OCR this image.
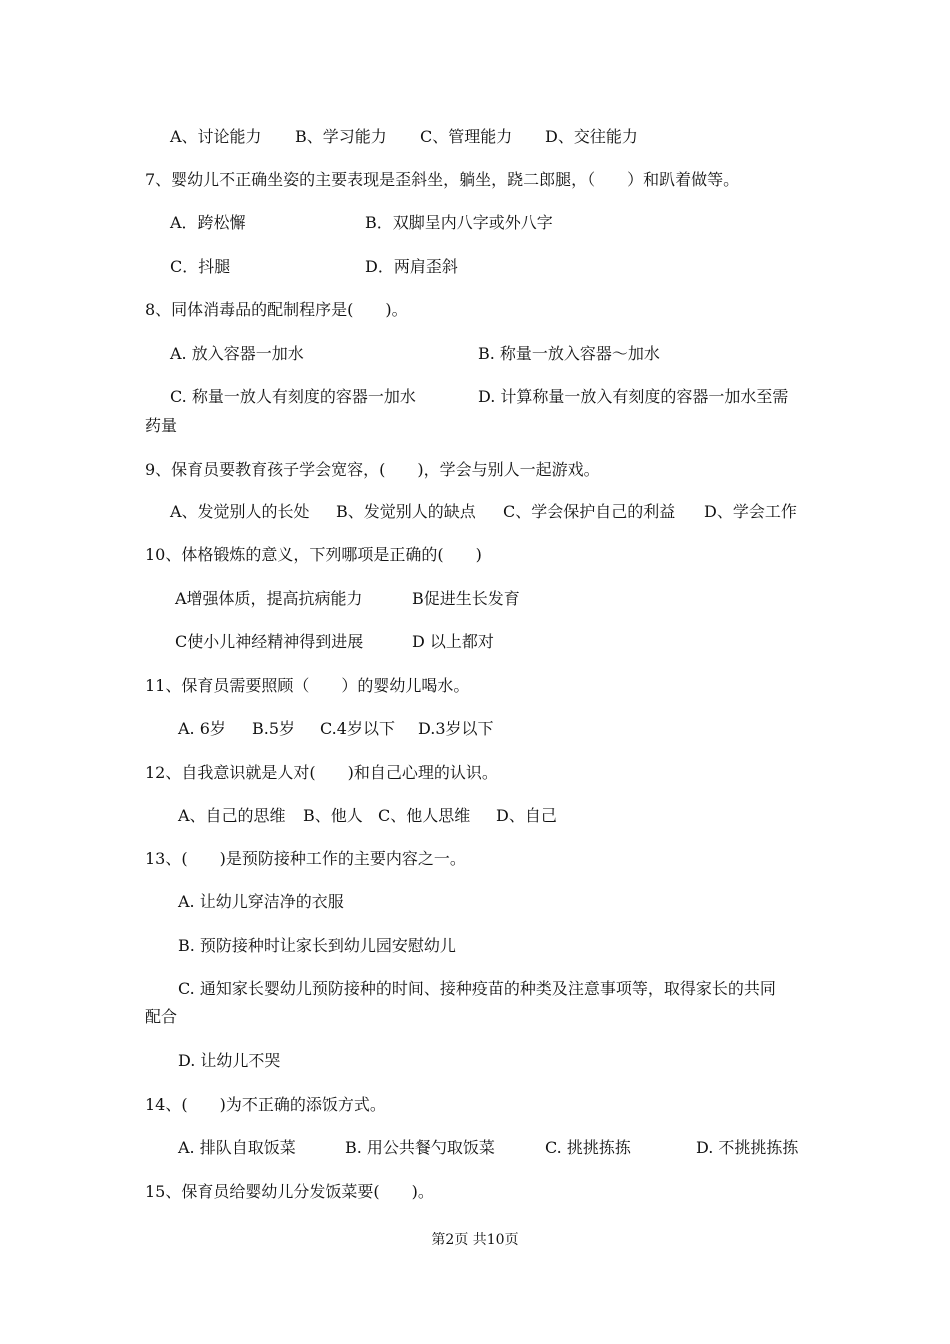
A、讨论能力 B、学习能力 C、管理能力 D、交往能力
7、婴幼儿不正确坐姿的主要表现是歪斜坐，躺坐，跷二郎腿，（　　）和趴着做等。
A．跨松懈	B．双脚呈内八字或外八字
C．抖腿	D．两肩歪斜
8、同体消毒品的配制程序是(　　)。
A. 放入容器一加水	B. 称量一放入容器～加水
C. 称量一放人有刻度的容器一加水	D. 计算称量一放入有刻度的容器一加水至需
药量
9、保育员要教育孩子学会宽容，(　　)，学会与别人一起游戏。
A、发觉别人的长处 B、发觉别人的缺点 C、学会保护自己的利益 D、学会工作
10、体格锻炼的意义，下列哪项是正确的(　　)
A增强体质，提高抗病能力	B促进生长发育
C使小儿神经精神得到进展	D 以上都对
11、保育员需要照顾（　　）的婴幼儿喝水。
A. 6岁 B.5岁 C.4岁以下 D.3岁以下
12、自我意识就是人对(　　)和自己心理的认识。
A、自己的思维 B、他人 C、他人思维 D、自己
13、(　　)是预防接种工作的主要内容之一。
A. 让幼儿穿洁净的衣服
B. 预防接种时让家长到幼儿园安慰幼儿
C. 通知家长婴幼儿预防接种的时间、接种疫苗的种类及注意事项等，取得家长的共同
配合
D. 让幼儿不哭
14、(　　)为不正确的添饭方式。
A. 排队自取饭菜	B. 用公共餐勺取饭菜	C. 挑挑拣拣	D. 不挑挑拣拣
15、保育员给婴幼儿分发饭菜要(　　)。
第2页 共10页
